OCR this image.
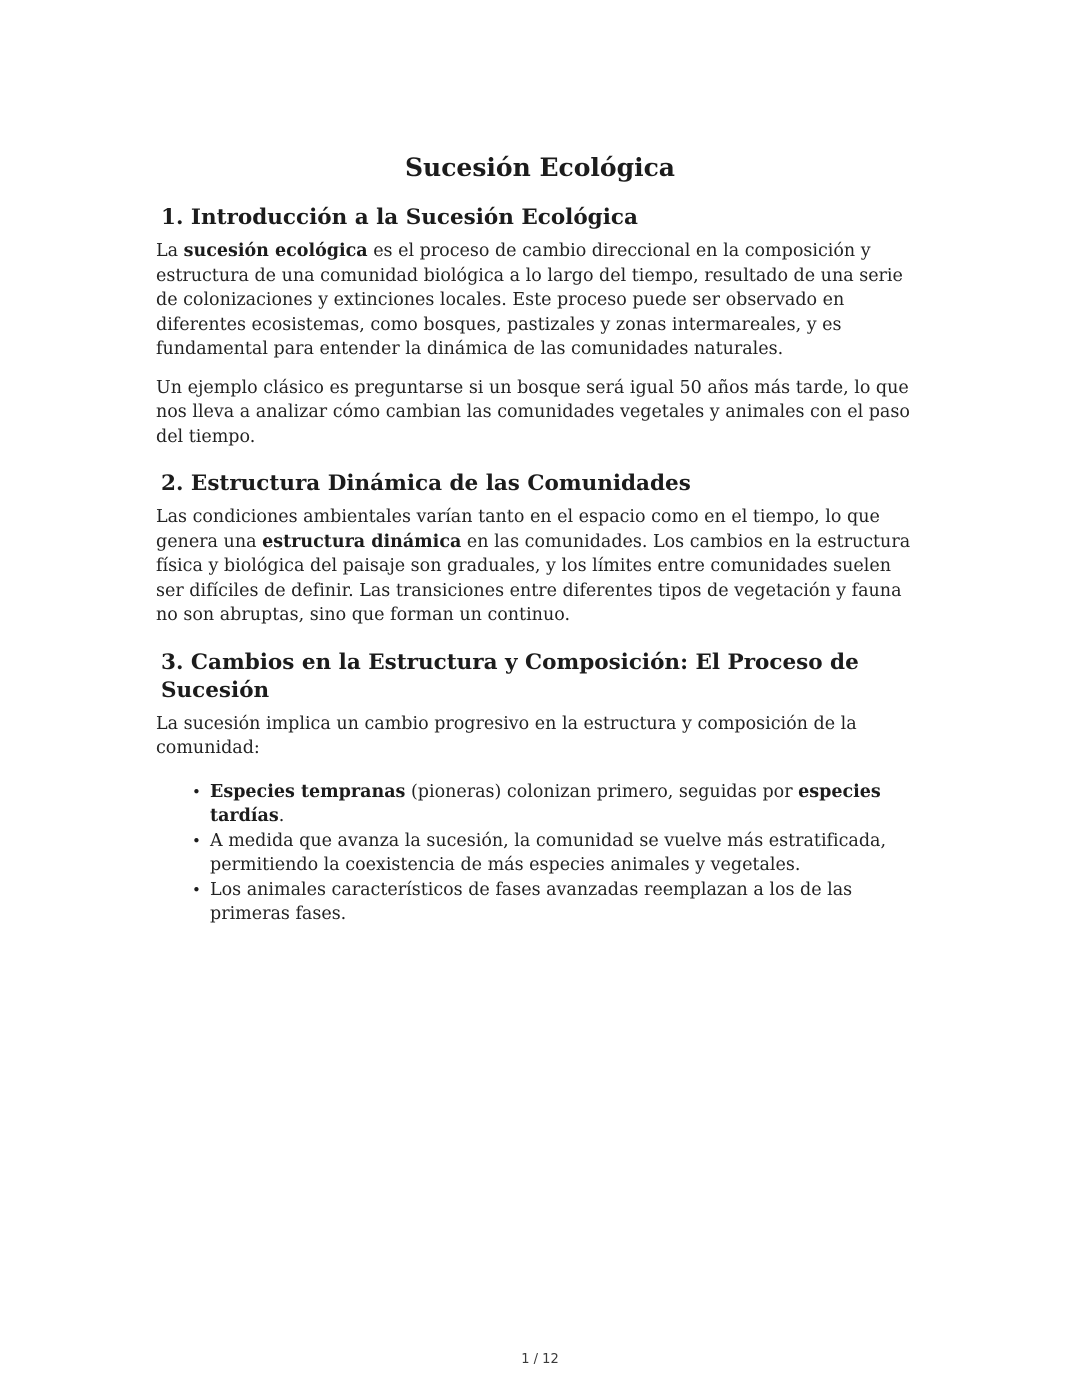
Sucesión Ecológica
1. Introducción a la Sucesión Ecológica

La sucesión ecológica es el proceso de cambio direccional en la composición y estructura de una comunidad biológica a lo largo del tiempo, resultado de una serie de colonizaciones y extinciones locales. Este proceso puede ser observado en diferentes ecosistemas, como bosques, pastizales y zonas intermareales, y es fundamental para entender la dinámica de las comunidades naturales.

Un ejemplo clásico es preguntarse si un bosque será igual 50 años más tarde, lo que nos lleva a analizar cómo cambian las comunidades vegetales y animales con el paso del tiempo.

2. Estructura Dinámica de las Comunidades

Las condiciones ambientales varían tanto en el espacio como en el tiempo, lo que genera una estructura dinámica en las comunidades. Los cambios en la estructura física y biológica del paisaje son graduales, y los límites entre comunidades suelen ser difíciles de definir. Las transiciones entre diferentes tipos de vegetación y fauna no son abruptas, sino que forman un continuo.

3. Cambios en la Estructura y Composición: El Proceso de Sucesión

La sucesión implica un cambio progresivo en la estructura y composición de la comunidad:

• Especies tempranas (pioneras) colonizan primero, seguidas por especies tardías.
• A medida que avanza la sucesión, la comunidad se vuelve más estratificada, permitiendo la coexistencia de más especies animales y vegetales.
• Los animales característicos de fases avanzadas reemplazan a los de las primeras fases.
1 / 12
